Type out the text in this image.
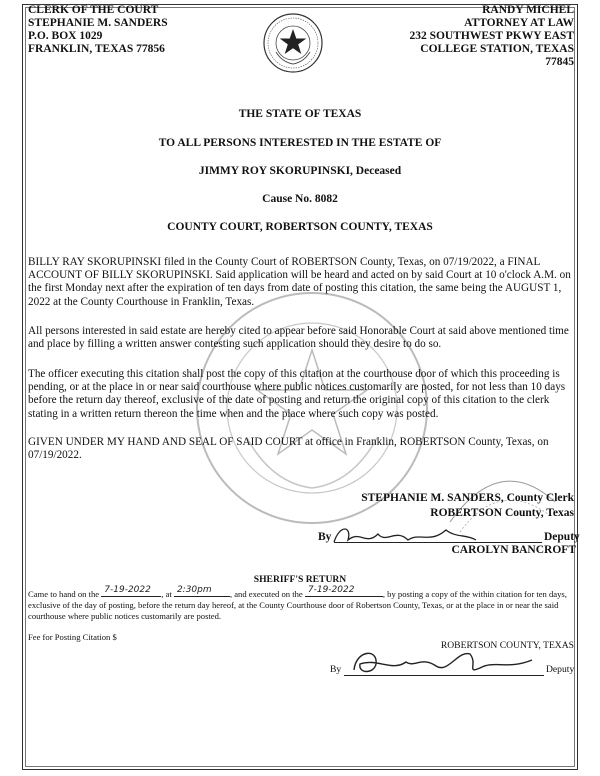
CLERK OF THE COURT
STEPHANIE M. SANDERS
P.O. BOX 1029
FRANKLIN, TEXAS 77856
RANDY MICHEL
ATTORNEY AT LAW
232 SOUTHWEST PKWY EAST
COLLEGE STATION, TEXAS
77845
THE STATE OF TEXAS
TO ALL PERSONS INTERESTED IN THE ESTATE OF
JIMMY ROY SKORUPINSKI, Deceased
Cause No. 8082
COUNTY COURT, ROBERTSON COUNTY, TEXAS

BILLY RAY SKORUPINSKI filed in the County Court of ROBERTSON County, Texas, on 07/19/2022, a FINAL ACCOUNT OF BILLY SKORUPINSKI. Said application will be heard and acted on by said Court at 10 o'clock A.M. on the first Monday next after the expiration of ten days from date of posting this citation, the same being the AUGUST 1, 2022 at the County Courthouse in Franklin, Texas.

All persons interested in said estate are hereby cited to appear before said Honorable Court at said above mentioned time and place by filling a written answer contesting such application should they desire to do so.

The officer executing this citation shall post the copy of this citation at the courthouse door of which this proceeding is pending, or at the place in or near said courthouse where public notices customarily are posted, for not less than 10 days before the return day thereof, exclusive of the date of posting and return the original copy of this citation to the clerk stating in a written return thereon the time when and the place where such copy was posted.

GIVEN UNDER MY HAND AND SEAL OF SAID COURT at office in Franklin, ROBERTSON County, Texas, on 07/19/2022.

STEPHANIE M. SANDERS, County Clerk
ROBERTSON County, Texas
By	Deputy
CAROLYN BANCROFT
SHERIFF'S RETURN
Came to hand on the 7-19-2022 , at 2:30pm , and executed on the 7-19-2022	, by posting a copy of the within citation for ten days, exclusive of the day of posting, before the return day hereof, at the County Courthouse door of Robertson County, Texas, or at the place in or near the said courthouse where public notices customarily are posted.
Fee for Posting Citation $
ROBERTSON COUNTY, TEXAS
By	Deputy
